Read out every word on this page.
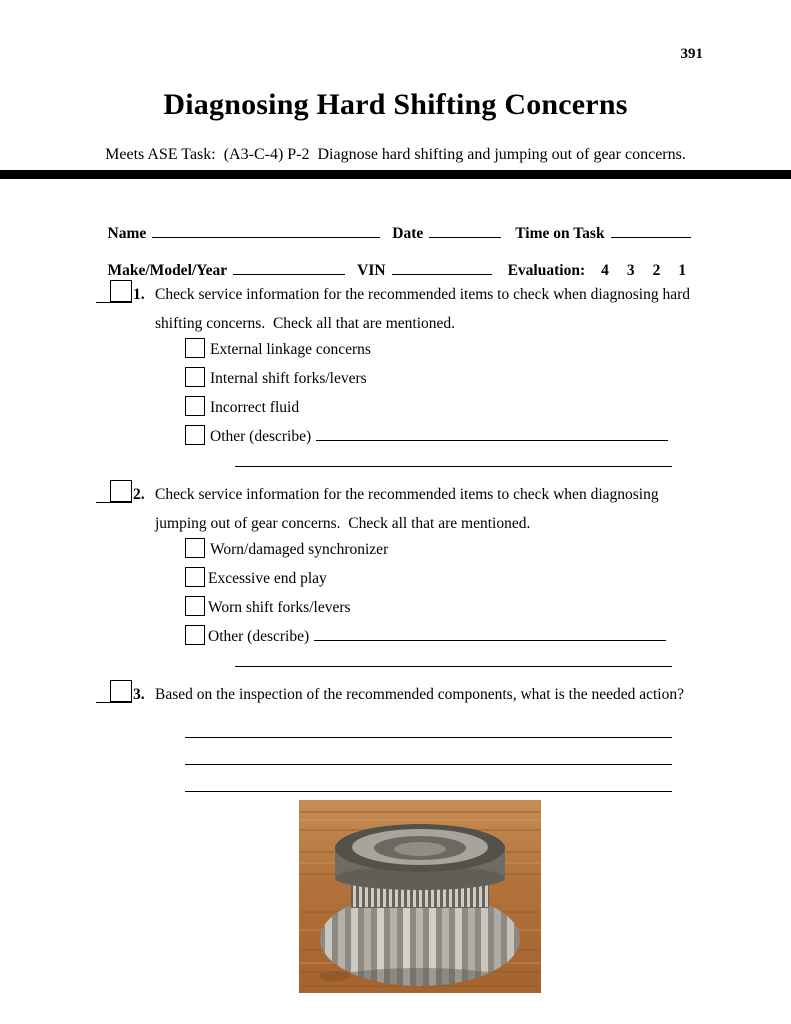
391
Diagnosing Hard Shifting Concerns
Meets ASE Task:  (A3-C-4) P-2  Diagnose hard shifting and jumping out of gear concerns.

Name	Date	Time on Task

Make/Model/Year	VIN	Evaluation: 4 3 2 1

1. Check service information for the recommended items to check when diagnosing hard
shifting concerns.  Check all that are mentioned.
External linkage concerns
Internal shift forks/levers
Incorrect fluid
Other (describe)
2. Check service information for the recommended items to check when diagnosing
jumping out of gear concerns.  Check all that are mentioned.
Worn/damaged synchronizer
Excessive end play
Worn shift forks/levers
Other (describe)
3. Based on the inspection of the recommended components, what is the needed action?
